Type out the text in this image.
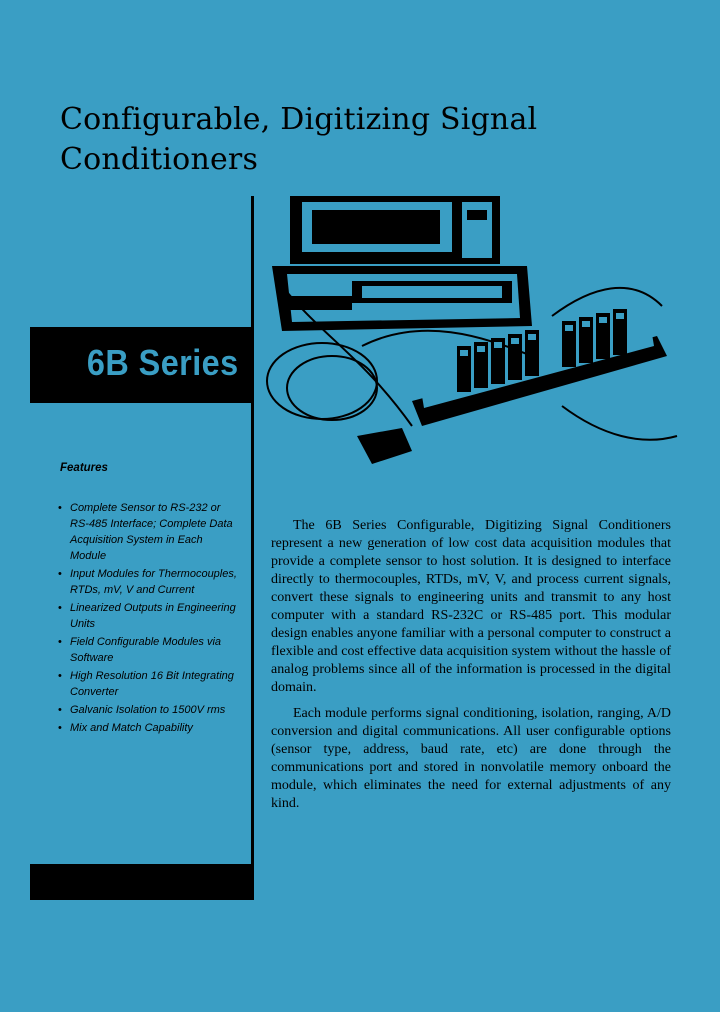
Configurable, Digitizing Signal Conditioners
6B Series
Features
• Complete Sensor to RS-232 or RS-485 Interface; Complete Data Acquisition System in Each Module
• Input Modules for Thermocouples, RTDs, mV, V and Current
• Linearized Outputs in Engineering Units
• Field Configurable Modules via Software
• High Resolution 16 Bit Integrating Converter
• Galvanic Isolation to 1500V rms
• Mix and Match Capability

The 6B Series Configurable, Digitizing Signal Conditioners represent a new generation of low cost data acquisition modules that provide a complete sensor to host solution. It is designed to interface directly to thermocouples, RTDs, mV, V, and process current signals, convert these signals to engineering units and transmit to any host computer with a standard RS-232C or RS-485 port. This modular design enables anyone familiar with a personal computer to construct a flexible and cost effective data acquisition system without the hassle of analog problems since all of the information is processed in the digital domain.

Each module performs signal conditioning, isolation, ranging, A/D conversion and digital communications. All user configurable options (sensor type, address, baud rate, etc) are done through the communications port and stored in nonvolatile memory onboard the module, which eliminates the need for external adjustments of any kind.
